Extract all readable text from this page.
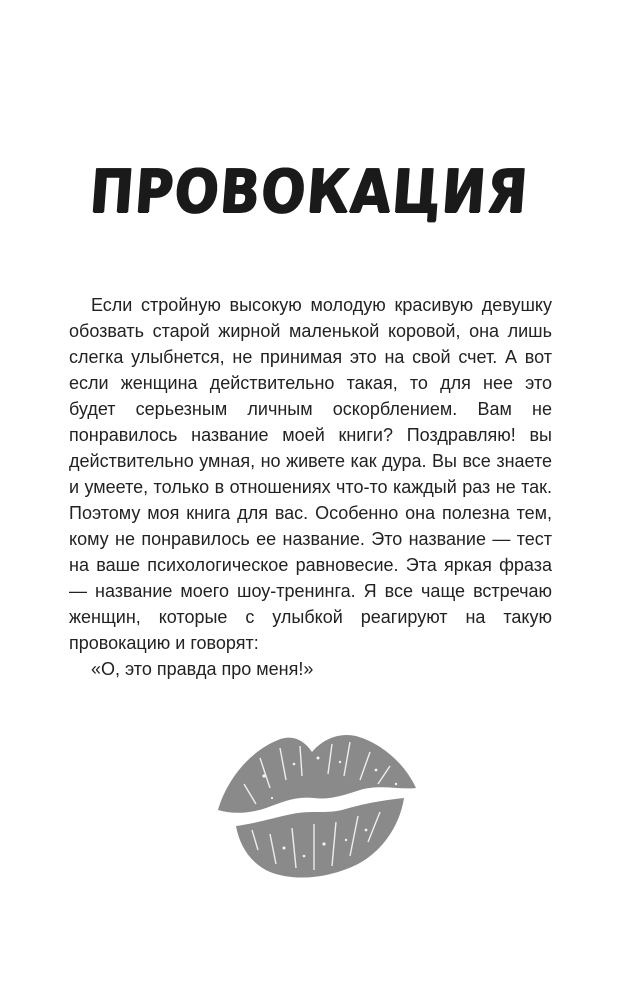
ПРОВОКАЦИЯ

Если стройную высокую молодую красивую девушку обозвать старой жирной маленькой коровой, она лишь слегка улыбнется, не принимая это на свой счет. А вот если женщина действительно такая, то для нее это будет серьезным личным оскорблением. Вам не понравилось название моей книги? Поздравляю! вы действительно умная, но живете как дура. Вы все знаете и умеете, только в отношениях что-то каждый раз не так. Поэтому моя книга для вас. Особенно она полезна тем, кому не понравилось ее название. Это название — тест на ваше психологическое равновесие. Эта яркая фраза — название моего шоу-тренинга. Я все чаще встречаю женщин, которые с улыбкой реагируют на такую провокацию и говорят:

«О, это правда про меня!»
